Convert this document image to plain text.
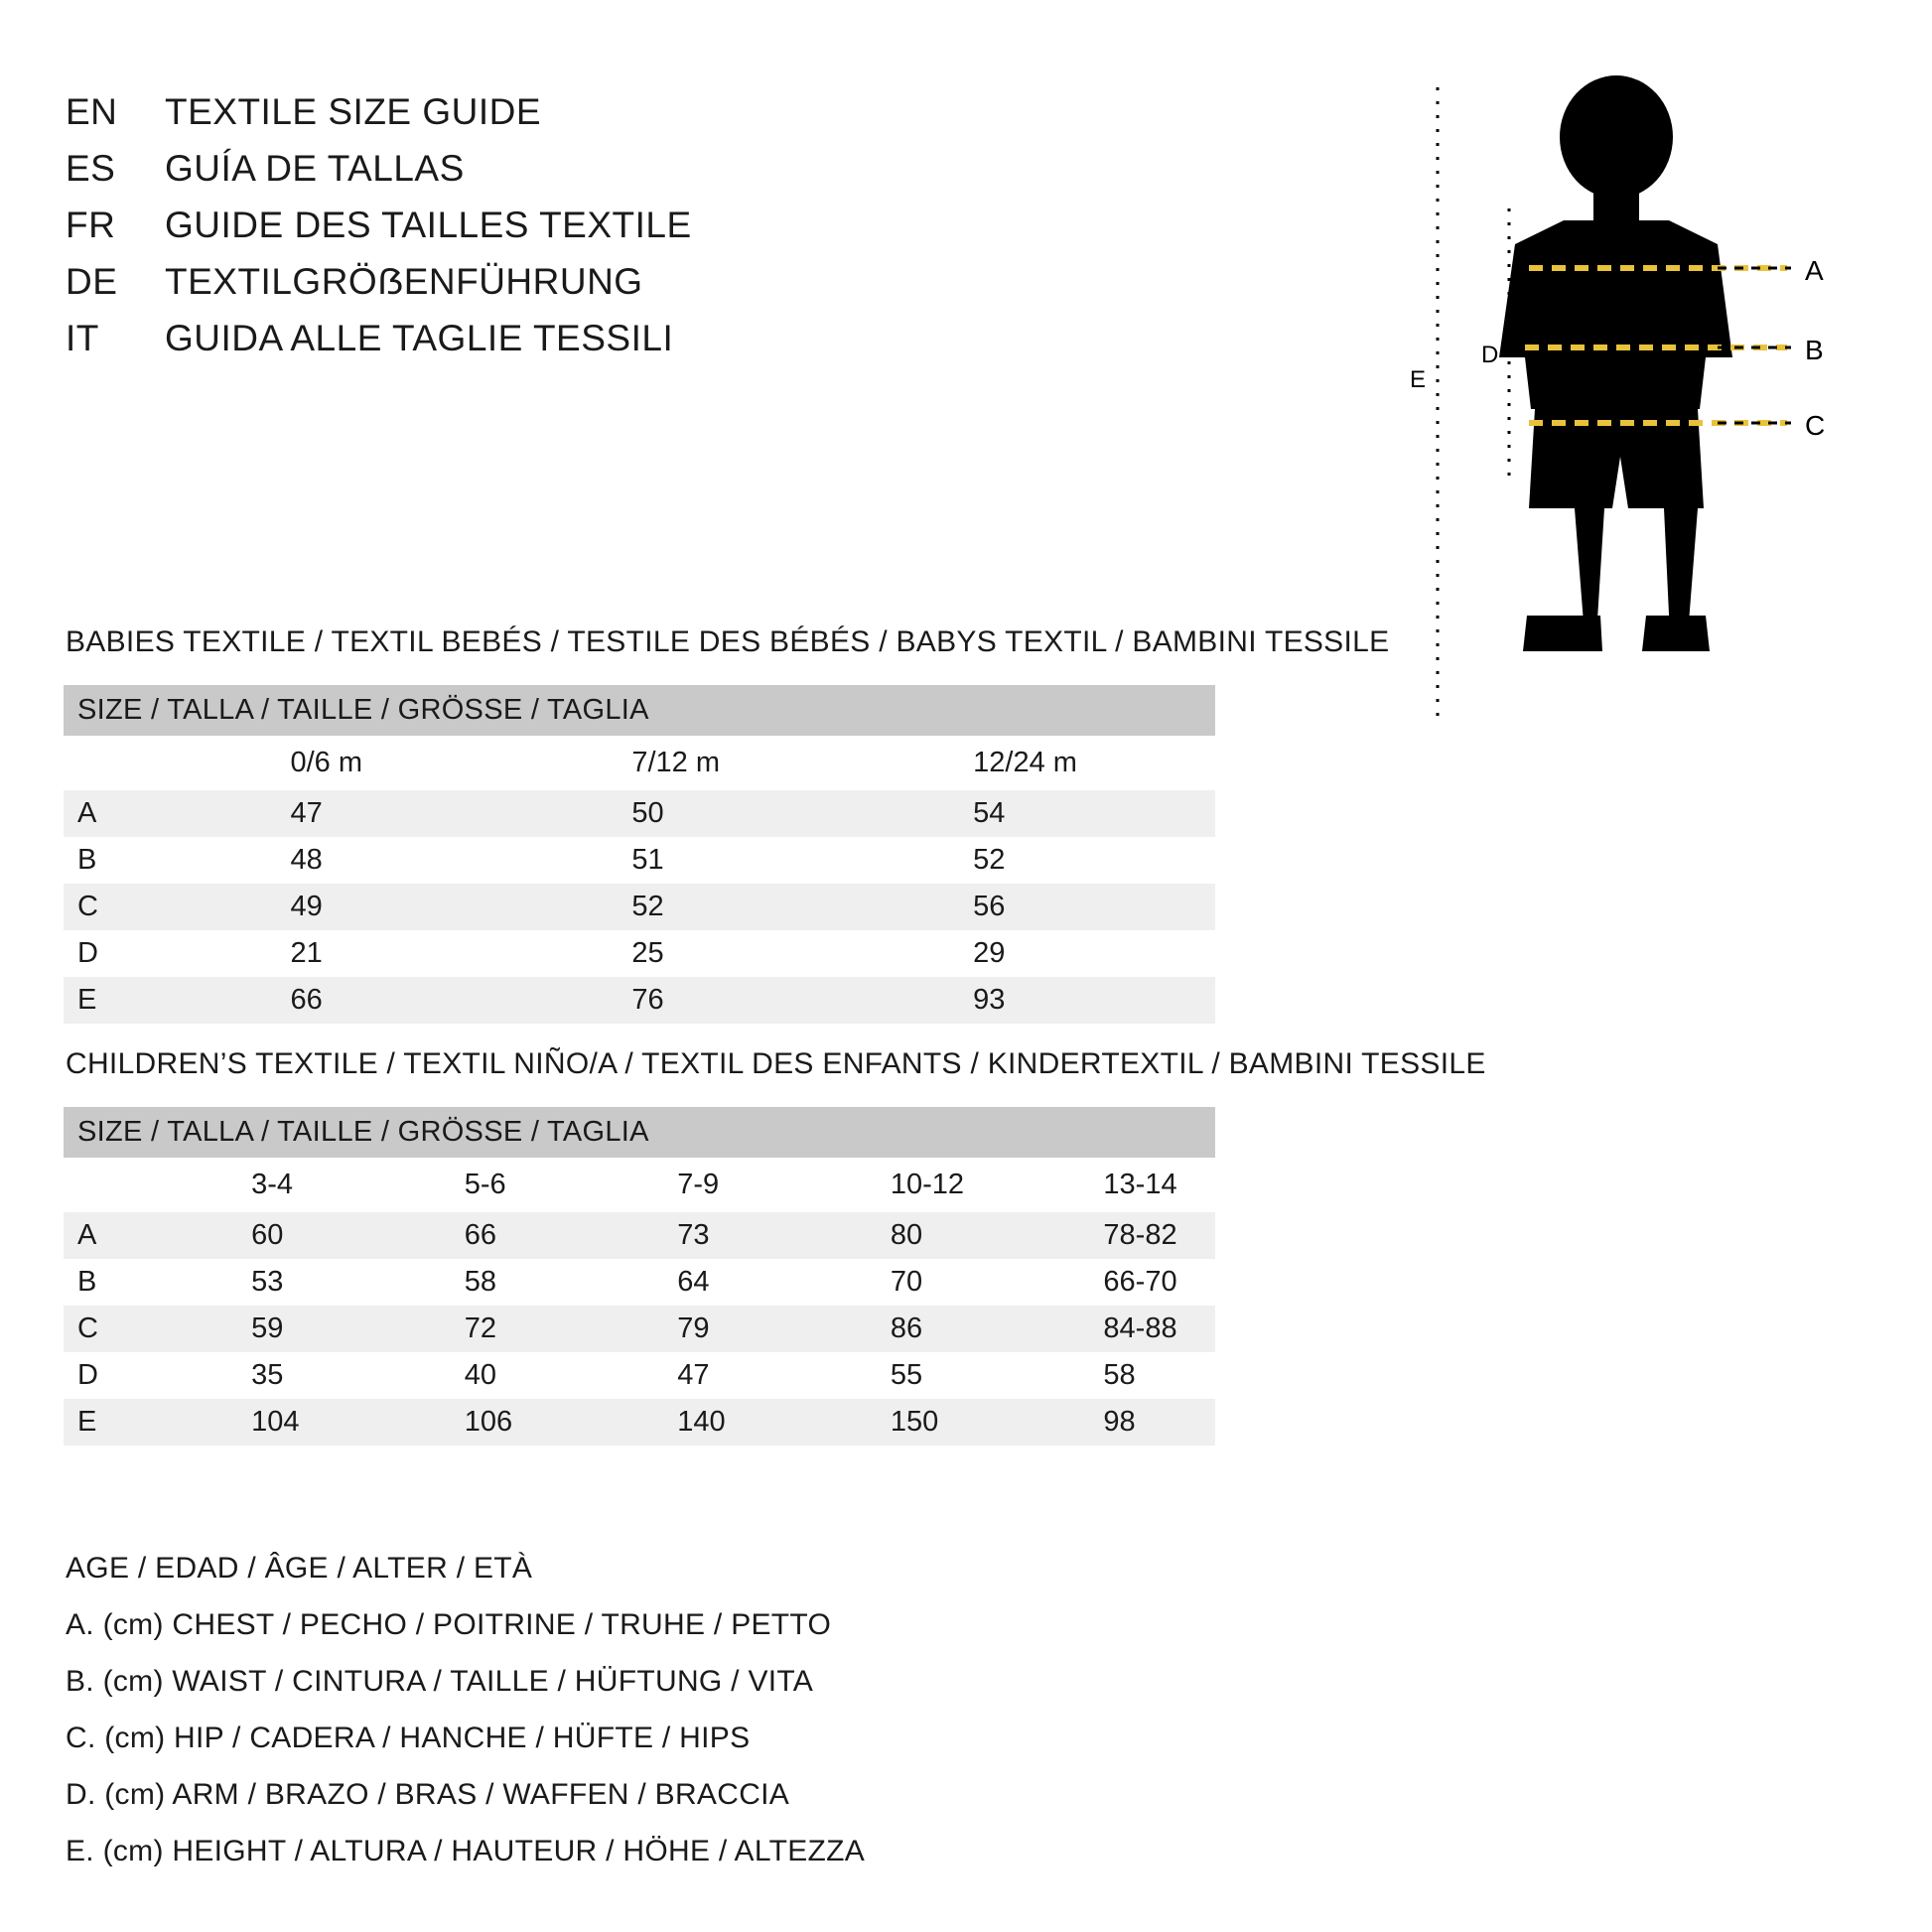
EN	TEXTILE SIZE GUIDE
ES	GUÍA DE TALLAS
FR	GUIDE DES TAILLES TEXTILE
DE	TEXTILGRÖẞENFÜHRUNG
IT	GUIDA ALLE TAGLIE TESSILI
E
D
A
B
C
BABIES TEXTILE / TEXTIL BEBÉS / TESTILE DES BÉBÉS / BABYS TEXTIL / BAMBINI TESSILE
SIZE / TALLA / TAILLE / GRÖSSE / TAGLIA			
	0/6 m	7/12 m	12/24 m
A	47	50	54
B	48	51	52
C	49	52	56
D	21	25	29
E	66	76	93
CHILDREN’S TEXTILE / TEXTIL NIÑO/A / TEXTIL DES ENFANTS / KINDERTEXTIL / BAMBINI TESSILE
SIZE / TALLA / TAILLE / GRÖSSE / TAGLIA					
	3-4	5-6	7-9	10-12	13-14
A	60	66	73	80	78-82
B	53	58	64	70	66-70
C	59	72	79	86	84-88
D	35	40	47	55	58
E	104	106	140	150	98
AGE / EDAD / ÂGE / ALTER / ETÀ
A. (cm) CHEST / PECHO / POITRINE / TRUHE / PETTO
B. (cm) WAIST / CINTURA / TAILLE / HÜFTUNG / VITA
C. (cm) HIP / CADERA / HANCHE / HÜFTE / HIPS
D. (cm) ARM / BRAZO / BRAS / WAFFEN / BRACCIA
E. (cm) HEIGHT / ALTURA / HAUTEUR / HÖHE / ALTEZZA
